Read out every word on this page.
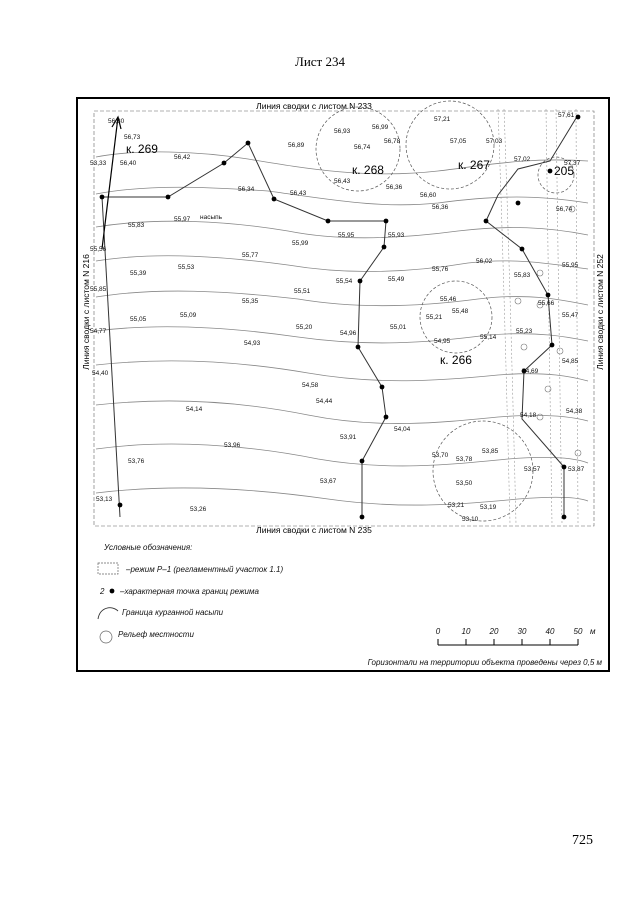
Лист 234
Линия сводки с листом N 233
Линия сводки с листом N 235
Линия сводки с листом N 216	Линия сводки с листом N 252
к. 269
к. 268	к. 267
к. 266
205
насыпь
56,80
56,73
53,33 56,40
56,42
56,89
56,93
56,74
56,99
56,78
57,21
57,05	57,03
57,61
57,02
57,37
56,34
56,43
56,43
56,36
56,60
56,36	56,74
55,83
55,97
55,99
55,95	55,93
55,56
55,77
56,02
55,95
55,39
55,53
55,54	55,49
55,76
55,83
55,85
55,35
55,51
55,46
55,48
55,66
55,05
55,09	55,21	55,47
54,77
55,20
54,96
55,01
55,14
55,23
54,93	54,95
54,85
54,40
54,58
54,69
54,44
54,14
54,18
54,38
54,04
53,96
53,91
53,70
53,78
53,85
53,76
53,67	53,50
53,57	53,87
53,13
53,26
53,21 53,19
53,10
Условные обозначения:
–режим Р–1 (регламентный участок 1.1)
2 –характерная точка границ режима
Граница курганной насыпи
Рельеф местности	0	10 20 30 40 50 м
Горизонтали на территории объекта проведены через 0,5 м
725
